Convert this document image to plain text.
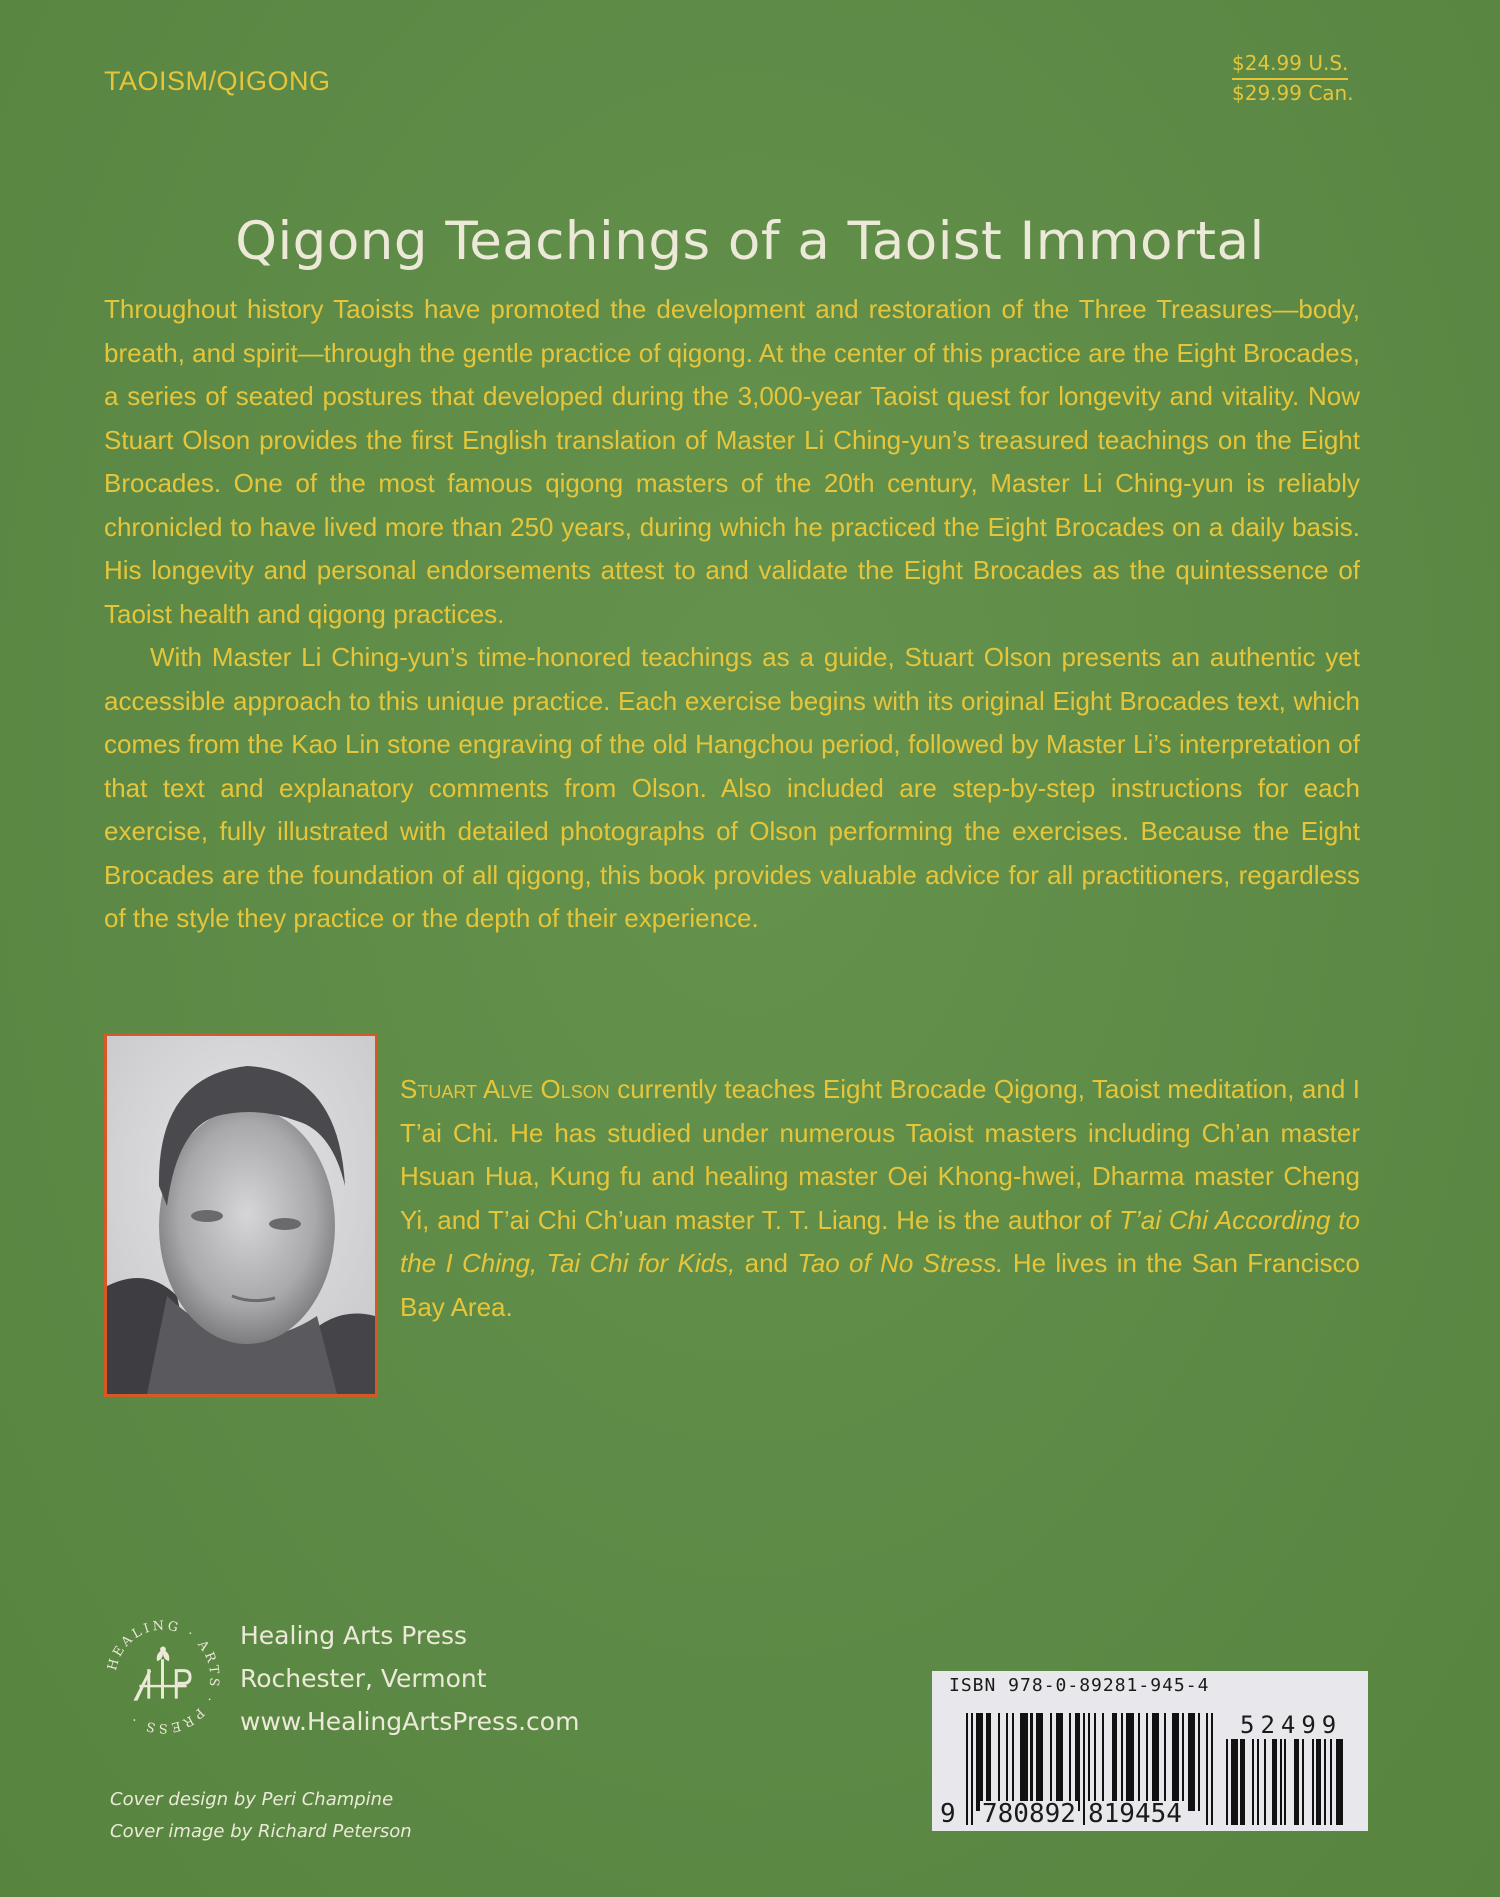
TAOISM/QIGONG
$24.99 U.S.
$29.99 Can.
Qigong Teachings of a Taoist Immortal

Throughout history Taoists have promoted the development and restoration of the Three Treasures—body, breath, and spirit—through the gentle practice of qigong. At the center of this practice are the Eight Brocades, a series of seated postures that developed during the 3,000-year Taoist quest for longevity and vitality. Now Stuart Olson provides the first English translation of Master Li Ching-yun’s treasured teachings on the Eight Brocades. One of the most famous qigong masters of the 20th century, Master Li Ching-yun is reliably chronicled to have lived more than 250 years, during which he practiced the Eight Brocades on a daily basis. His longevity and personal endorsements attest to and validate the Eight Brocades as the quintessence of Taoist health and qigong practices.

With Master Li Ching-yun’s time-honored teachings as a guide, Stuart Olson presents an authentic yet accessible approach to this unique practice. Each exercise begins with its original Eight Brocades text, which comes from the Kao Lin stone engraving of the old Hangchou period, followed by Master Li’s interpretation of that text and explanatory comments from Olson. Also included are step-by-step instructions for each exercise, fully illustrated with detailed photographs of Olson performing the exercises. Because the Eight Brocades are the foundation of all qigong, this book provides valuable advice for all practitioners, regardless of the style they practice or the depth of their experience.

Stuart Alve Olson currently teaches Eight Brocade Qigong, Taoist meditation, and I T’ai Chi. He has studied under numerous Taoist masters including Ch’an master Hsuan Hua, Kung fu and healing master Oei Khong-hwei, Dharma master Cheng Yi, and T’ai Chi Ch’uan master T. T. Liang. He is the author of T’ai Chi According to the I Ching, Tai Chi for Kids, and Tao of No Stress. He lives in the San Francisco Bay Area.
HEALING · ARTS · PRESS ·
Healing Arts Press
Rochester, Vermont
www.HealingArtsPress.com
Cover design by Peri Champine
Cover image by Richard Peterson
ISBN 978-0-89281-945-4
9 780892 819454
52499
